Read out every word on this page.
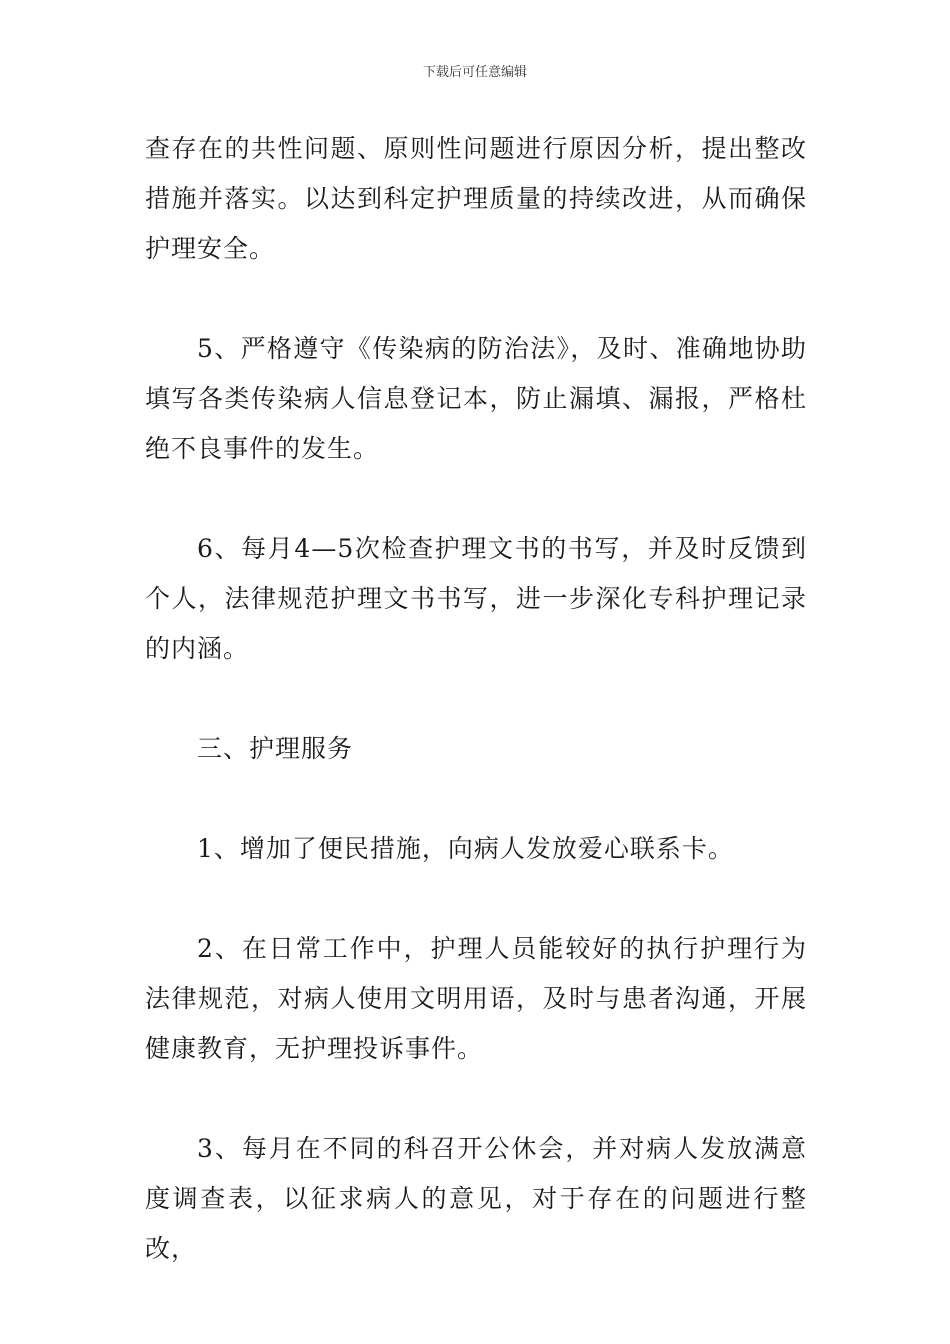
下载后可任意编辑

查存在的共性问题、原则性问题进行原因分析，提出整改措施并落实。以达到科定护理质量的持续改进，从而确保护理安全。

5、严格遵守《传染病的防治法》，及时、准确地协助填写各类传染病人信息登记本，防止漏填、漏报，严格杜绝不良事件的发生。

6、每月4—5次检查护理文书的书写，并及时反馈到个人，法律规范护理文书书写，进一步深化专科护理记录的内涵。

三、护理服务

1、增加了便民措施，向病人发放爱心联系卡。

2、在日常工作中，护理人员能较好的执行护理行为法律规范，对病人使用文明用语，及时与患者沟通，开展健康教育，无护理投诉事件。

3、每月在不同的科召开公休会，并对病人发放满意度调查表，以征求病人的意见，对于存在的问题进行整改，
